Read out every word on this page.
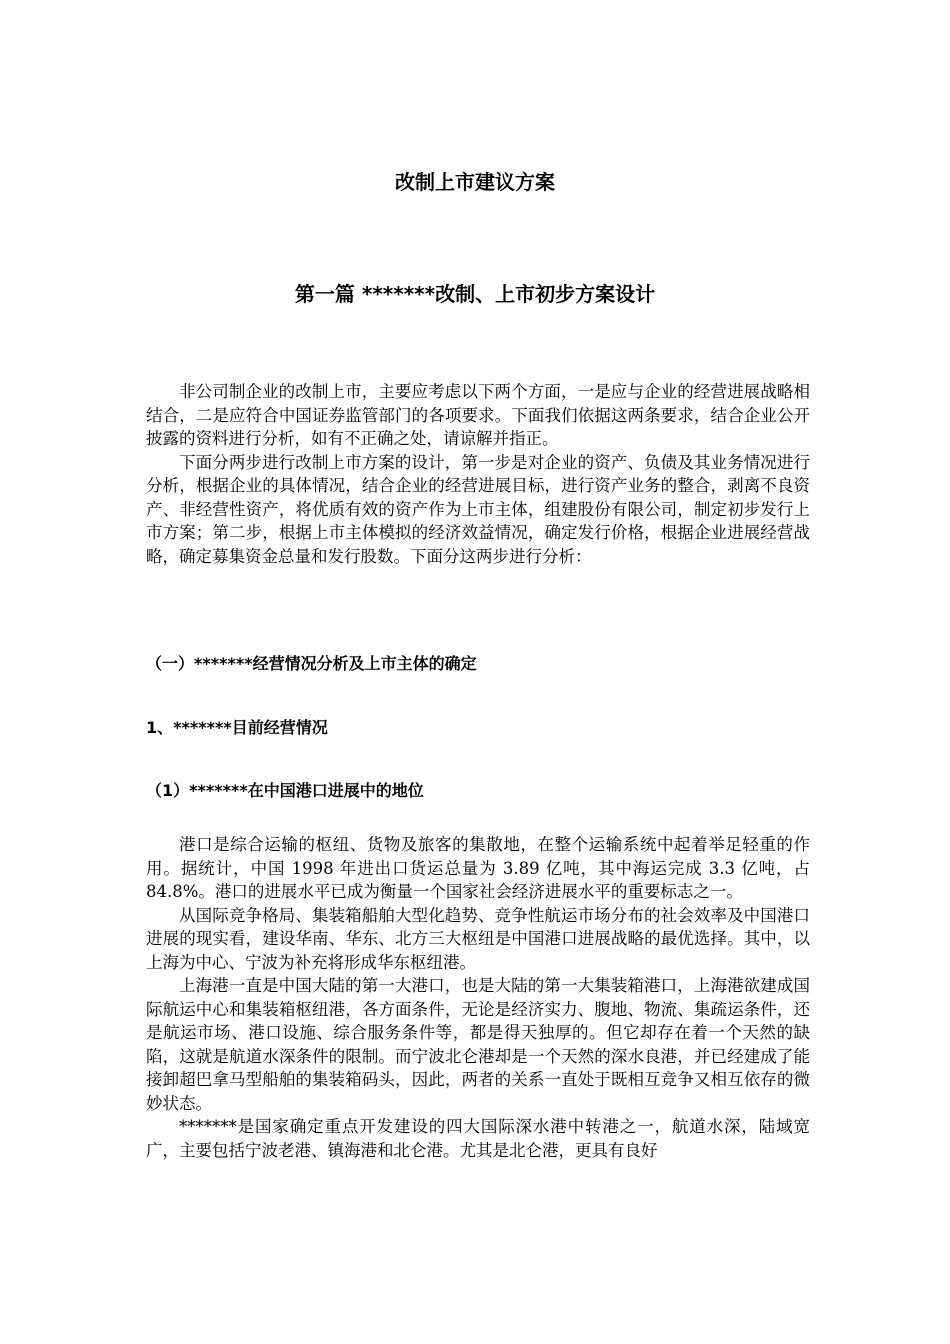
改制上市建议方案
第一篇 *******改制、上市初步方案设计

非公司制企业的改制上市，主要应考虑以下两个方面，一是应与企业的经营进展战略相结合，二是应符合中国证券监管部门的各项要求。下面我们依据这两条要求，结合企业公开披露的资料进行分析，如有不正确之处，请谅解并指正。

下面分两步进行改制上市方案的设计，第一步是对企业的资产、负债及其业务情况进行分析，根据企业的具体情况，结合企业的经营进展目标，进行资产业务的整合，剥离不良资产、非经营性资产，将优质有效的资产作为上市主体，组建股份有限公司，制定初步发行上市方案；第二步，根据上市主体模拟的经济效益情况，确定发行价格，根据企业进展经营战略，确定募集资金总量和发行股数。下面分这两步进行分析：

（一）*******经营情况分析及上市主体的确定
1、*******目前经营情况
（1）*******在中国港口进展中的地位

港口是综合运输的枢纽、货物及旅客的集散地，在整个运输系统中起着举足轻重的作用。据统计，中国 1998 年进出口货运总量为 3.89 亿吨，其中海运完成 3.3 亿吨，占 84.8%。港口的进展水平已成为衡量一个国家社会经济进展水平的重要标志之一。

从国际竞争格局、集装箱船舶大型化趋势、竞争性航运市场分布的社会效率及中国港口进展的现实看，建设华南、华东、北方三大枢纽是中国港口进展战略的最优选择。其中，以上海为中心、宁波为补充将形成华东枢纽港。

上海港一直是中国大陆的第一大港口，也是大陆的第一大集装箱港口，上海港欲建成国际航运中心和集装箱枢纽港，各方面条件，无论是经济实力、腹地、物流、集疏运条件，还是航运市场、港口设施、综合服务条件等，都是得天独厚的。但它却存在着一个天然的缺陷，这就是航道水深条件的限制。而宁波北仑港却是一个天然的深水良港，并已经建成了能接卸超巴拿马型船舶的集装箱码头，因此，两者的关系一直处于既相互竞争又相互依存的微妙状态。

*******是国家确定重点开发建设的四大国际深水港中转港之一，航道水深，陆域宽广，主要包括宁波老港、镇海港和北仑港。尤其是北仑港，更具有良好
